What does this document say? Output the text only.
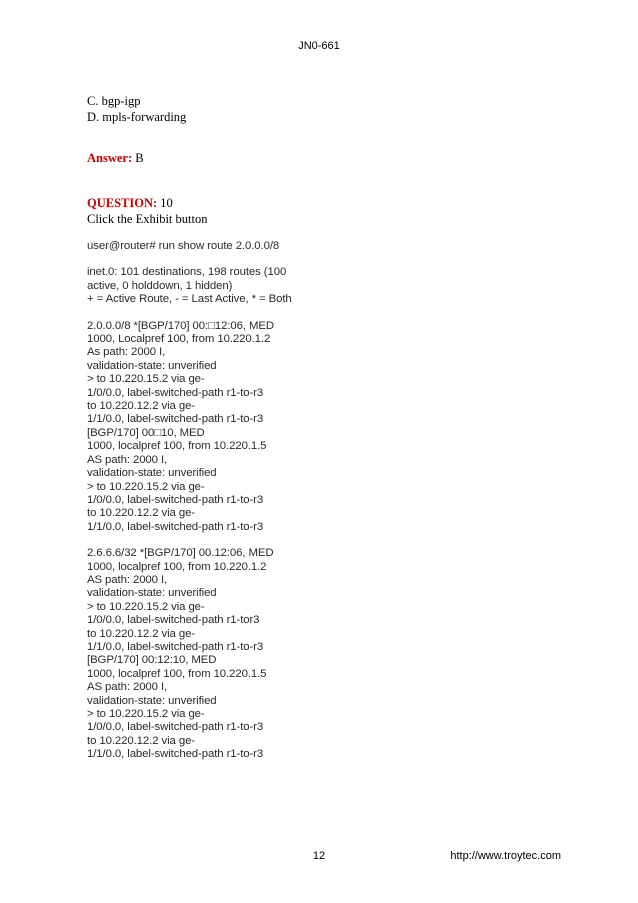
JN0-661
C. bgp-igp
D. mpls-forwarding
Answer: B
QUESTION: 10
Click the Exhibit button
user@router# run show route 2.0.0.0/8
inet.0: 101 destinations, 198 routes (100
active, 0 holddown, 1 hidden)
+ = Active Route, - = Last Active, * = Both
2.0.0.0/8 *[BGP/170] 00:□12:06, MED
1000, Localpref 100, from 10.220.1.2
As path: 2000 I,
validation-state: unverified
> to 10.220.15.2 via ge-
1/0/0.0, label-switched-path r1-to-r3
to 10.220.12.2 via ge-
1/1/0.0, label-switched-path r1-to-r3
[BGP/170] 00□10, MED
1000, localpref 100, from 10.220.1.5
AS path: 2000 I,
validation-state: unverified
> to 10.220.15.2 via ge-
1/0/0.0, label-switched-path r1-to-r3
to 10.220.12.2 via ge-
1/1/0.0, label-switched-path r1-to-r3
2.6.6.6/32 *[BGP/170] 00.12:06, MED
1000, localpref 100, from 10.220.1.2
AS path: 2000 I,
validation-state: unverified
> to 10.220.15.2 via ge-
1/0/0.0, label-switched-path r1-tor3
to 10.220.12.2 via ge-
1/1/0.0, label-switched-path r1-to-r3
[BGP/170] 00:12:10, MED
1000, localpref 100, from 10.220.1.5
AS path: 2000 I,
validation-state: unverified
> to 10.220.15.2 via ge-
1/0/0.0, label-switched-path r1-to-r3
to 10.220.12.2 via ge-
1/1/0.0, label-switched-path r1-to-r3
12	http://www.troytec.com
